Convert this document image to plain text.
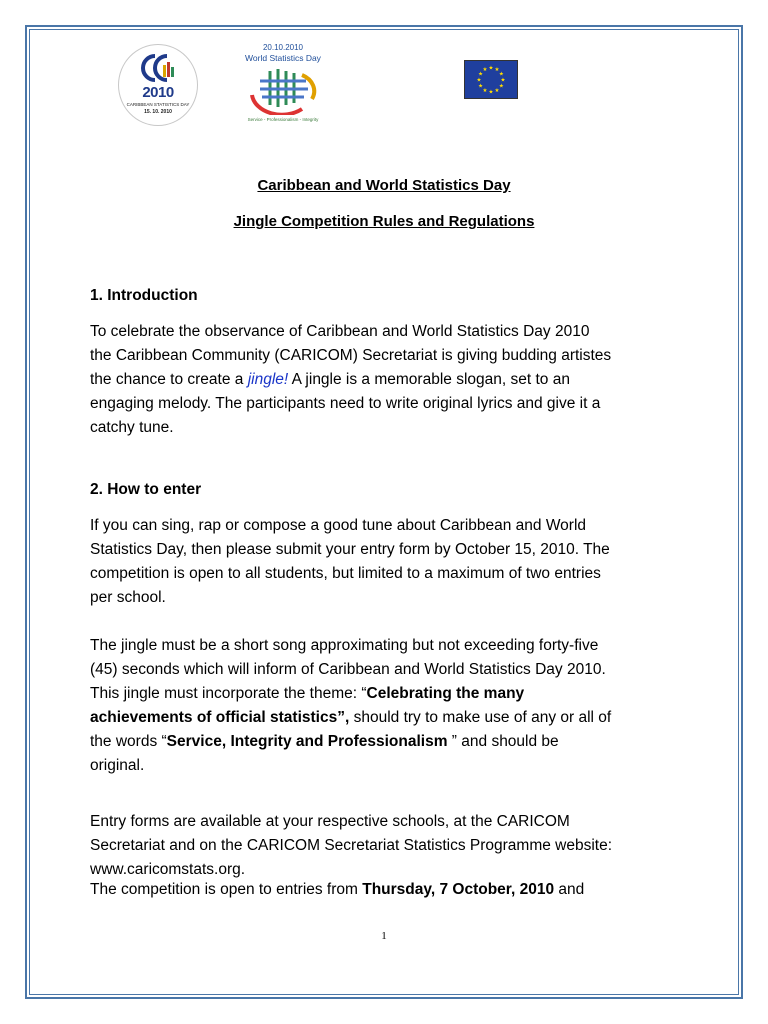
2010
CARIBBEAN STATISTICS DAY
15. 10. 2010
20.10.2010
World Statistics Day
Service - Professionalism - Integrity
★ ★
★
★
★
★
★
★
★
★
★
★
Caribbean and World Statistics Day
Jingle Competition Rules and Regulations
1. Introduction
To celebrate the observance of Caribbean and World Statistics Day 2010
the Caribbean Community (CARICOM) Secretariat is giving budding artistes
the chance to create a jingle! A jingle is a memorable slogan, set to an
engaging melody. The participants need to write original lyrics and give it a
catchy tune.
2. How to enter
If you can sing, rap or compose a good tune about Caribbean and World
Statistics Day, then please submit your entry form by October 15, 2010. The
competition is open to all students, but limited to a maximum of two entries
per school.
The jingle must be a short song approximating but not exceeding forty-five
(45) seconds which will inform of Caribbean and World Statistics Day 2010.
This jingle must incorporate the theme: “Celebrating the many
achievements of official statistics”, should try to make use of any or all of
the words “Service, Integrity and Professionalism ” and should be
original.
Entry forms are available at your respective schools, at the CARICOM
Secretariat and on the CARICOM Secretariat Statistics Programme website:
www.caricomstats.org.
The competition is open to entries from Thursday, 7 October, 2010 and
1
